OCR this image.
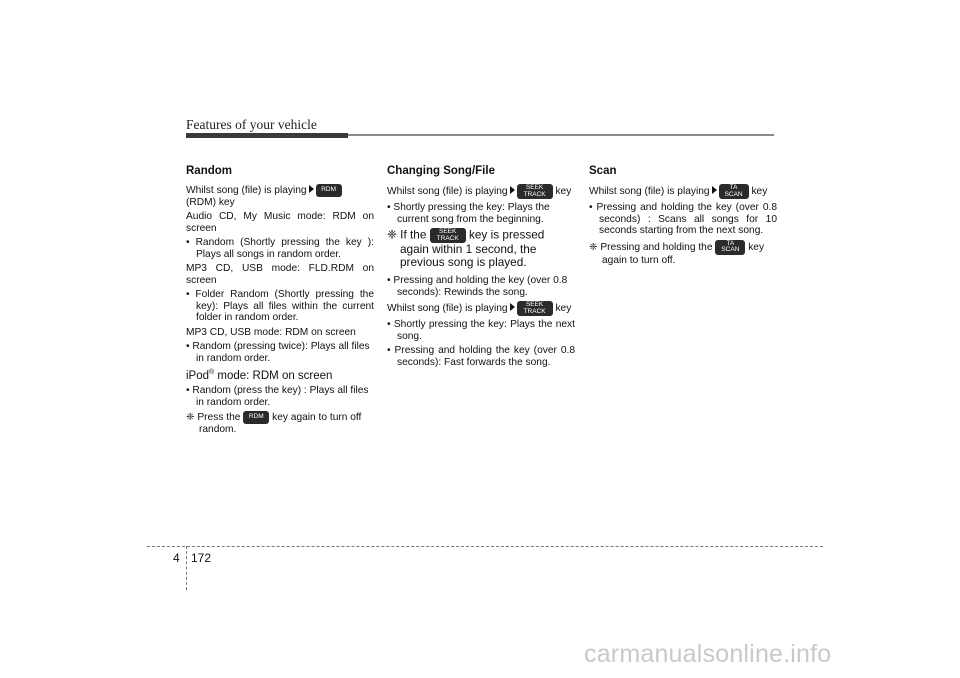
Features of your vehicle
Random

Whilst song (file) is playing RDM (RDM) key

Audio CD, My Music mode: RDM on screen

• Random (Shortly pressing the key ): Plays all songs in random order.

MP3 CD, USB mode: FLD.RDM on screen

• Folder Random (Shortly pressing the key): Plays all files within the current folder in random order.

MP3 CD, USB mode: RDM on screen

• Random (pressing twice): Plays all files in random order.

iPod® mode: RDM on screen

• Random (press the key) : Plays all files in random order.

❈ Press the RDM key again to turn off random.

Changing Song/File

Whilst song (file) is playing	SEEK TRACK key

• Shortly pressing the key: Plays the current song from the beginning.

❈ If the SEEK TRACK key is pressed again within 1 second, the previous song is played.

• Pressing and holding the key (over 0.8 seconds): Rewinds the song.

Whilst song (file) is playing	SEEK TRACK key

• Shortly pressing the key: Plays the next song.

• Pressing and holding the key (over 0.8 seconds): Fast forwards the song.

Scan

Whilst song (file) is playing	TA SCAN key

• Pressing and holding the key (over 0.8 seconds) : Scans all songs for 10 seconds starting from the next song.

❈ Pressing and holding the TA SCAN key again to turn off.

4 172
carmanualsonline.info
